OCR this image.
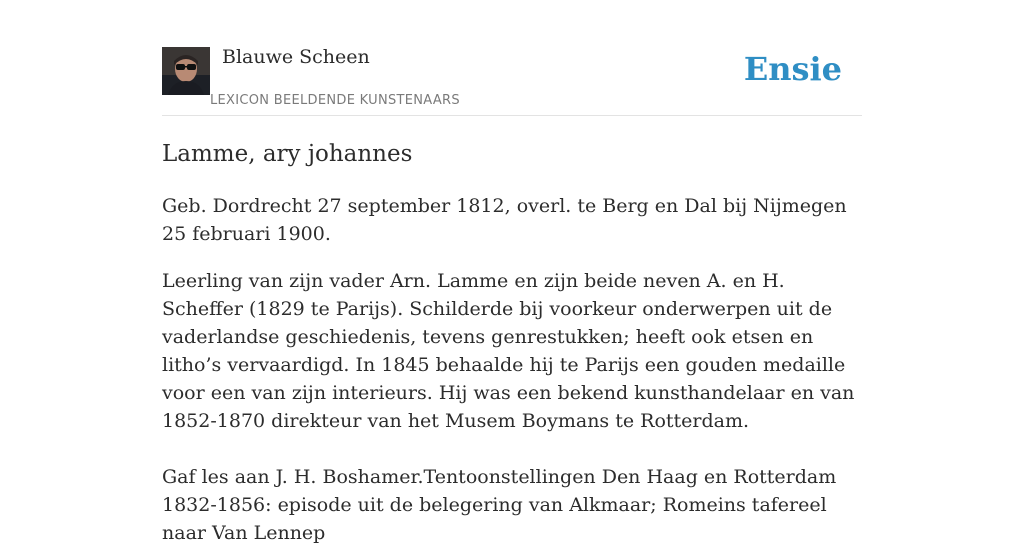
Blauwe Scheen
LEXICON BEELDENDE KUNSTENAARS
Ensie
Lamme, ary johannes

Geb. Dordrecht 27 september 1812, overl. te Berg en Dal bij Nijmegen 25 februari 1900.

Leerling van zijn vader Arn. Lamme en zijn beide neven A. en H. Scheffer (1829 te Parijs). Schilderde bij voorkeur onderwerpen uit de vaderlandse geschiedenis, tevens genrestukken; heeft ook etsen en litho’s vervaardigd. In 1845 behaalde hij te Parijs een gouden medaille voor een van zijn interieurs. Hij was een bekend kunsthandelaar en van 1852-1870 direkteur van het Musem Boymans te Rotterdam.

Gaf les aan J. H. Boshamer.Tentoonstellingen Den Haag en Rotterdam 1832-1856: episode uit de belegering van Alkmaar; Romeins tafereel naar Van Lennep
